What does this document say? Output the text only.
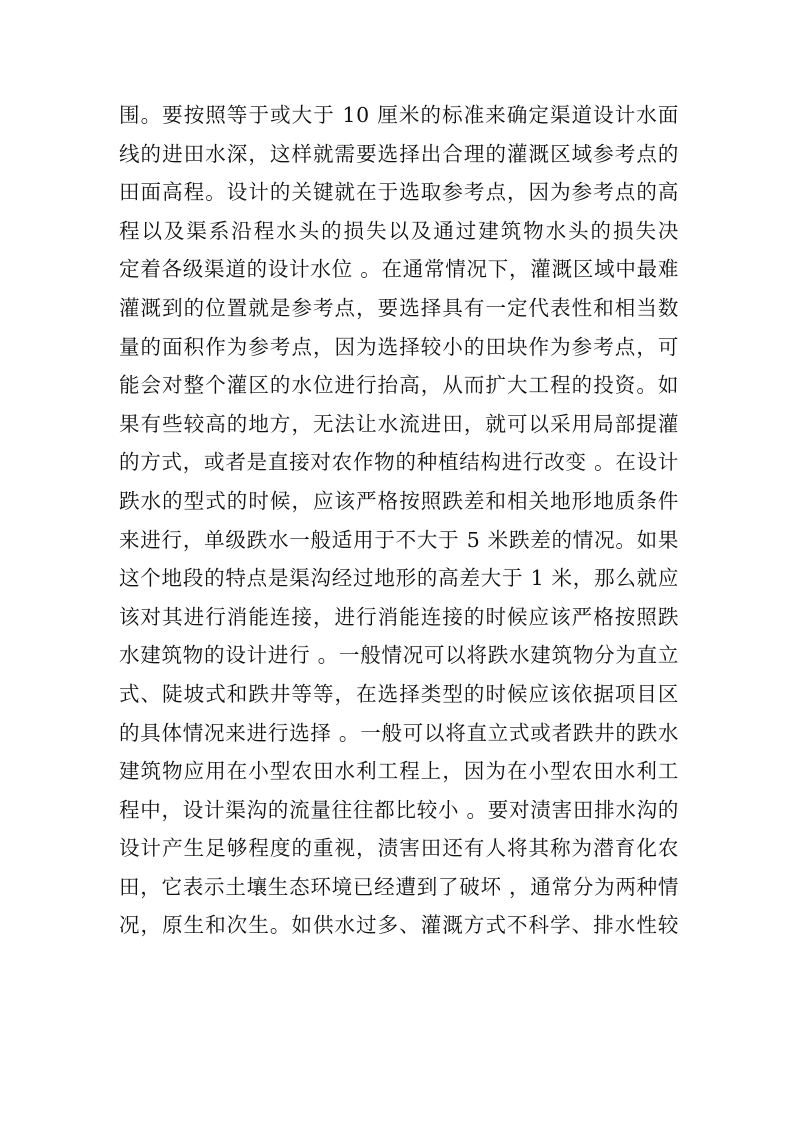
围。要按照等于或大于 10 厘米的标准来确定渠道设计水面
线的进田水深，这样就需要选择出合理的灌溉区域参考点的
田面高程。设计的关键就在于选取参考点，因为参考点的高
程以及渠系沿程水头的损失以及通过建筑物水头的损失决
定着各级渠道的设计水位 。在通常情况下，灌溉区域中最难
灌溉到的位置就是参考点，要选择具有一定代表性和相当数
量的面积作为参考点，因为选择较小的田块作为参考点，可
能会对整个灌区的水位进行抬高，从而扩大工程的投资。如
果有些较高的地方，无法让水流进田，就可以采用局部提灌
的方式，或者是直接对农作物的种植结构进行改变 。在设计
跌水的型式的时候，应该严格按照跌差和相关地形地质条件
来进行，单级跌水一般适用于不大于 5 米跌差的情况。如果
这个地段的特点是渠沟经过地形的高差大于 1 米，那么就应
该对其进行消能连接，进行消能连接的时候应该严格按照跌
水建筑物的设计进行 。一般情况可以将跌水建筑物分为直立
式、陡坡式和跌井等等，在选择类型的时候应该依据项目区
的具体情况来进行选择 。一般可以将直立式或者跌井的跌水
建筑物应用在小型农田水利工程上，因为在小型农田水利工
程中，设计渠沟的流量往往都比较小 。要对渍害田排水沟的
设计产生足够程度的重视，渍害田还有人将其称为潜育化农
田，它表示土壤生态环境已经遭到了破坏 ，通常分为两种情
况，原生和次生。如供水过多、灌溉方式不科学、排水性较
